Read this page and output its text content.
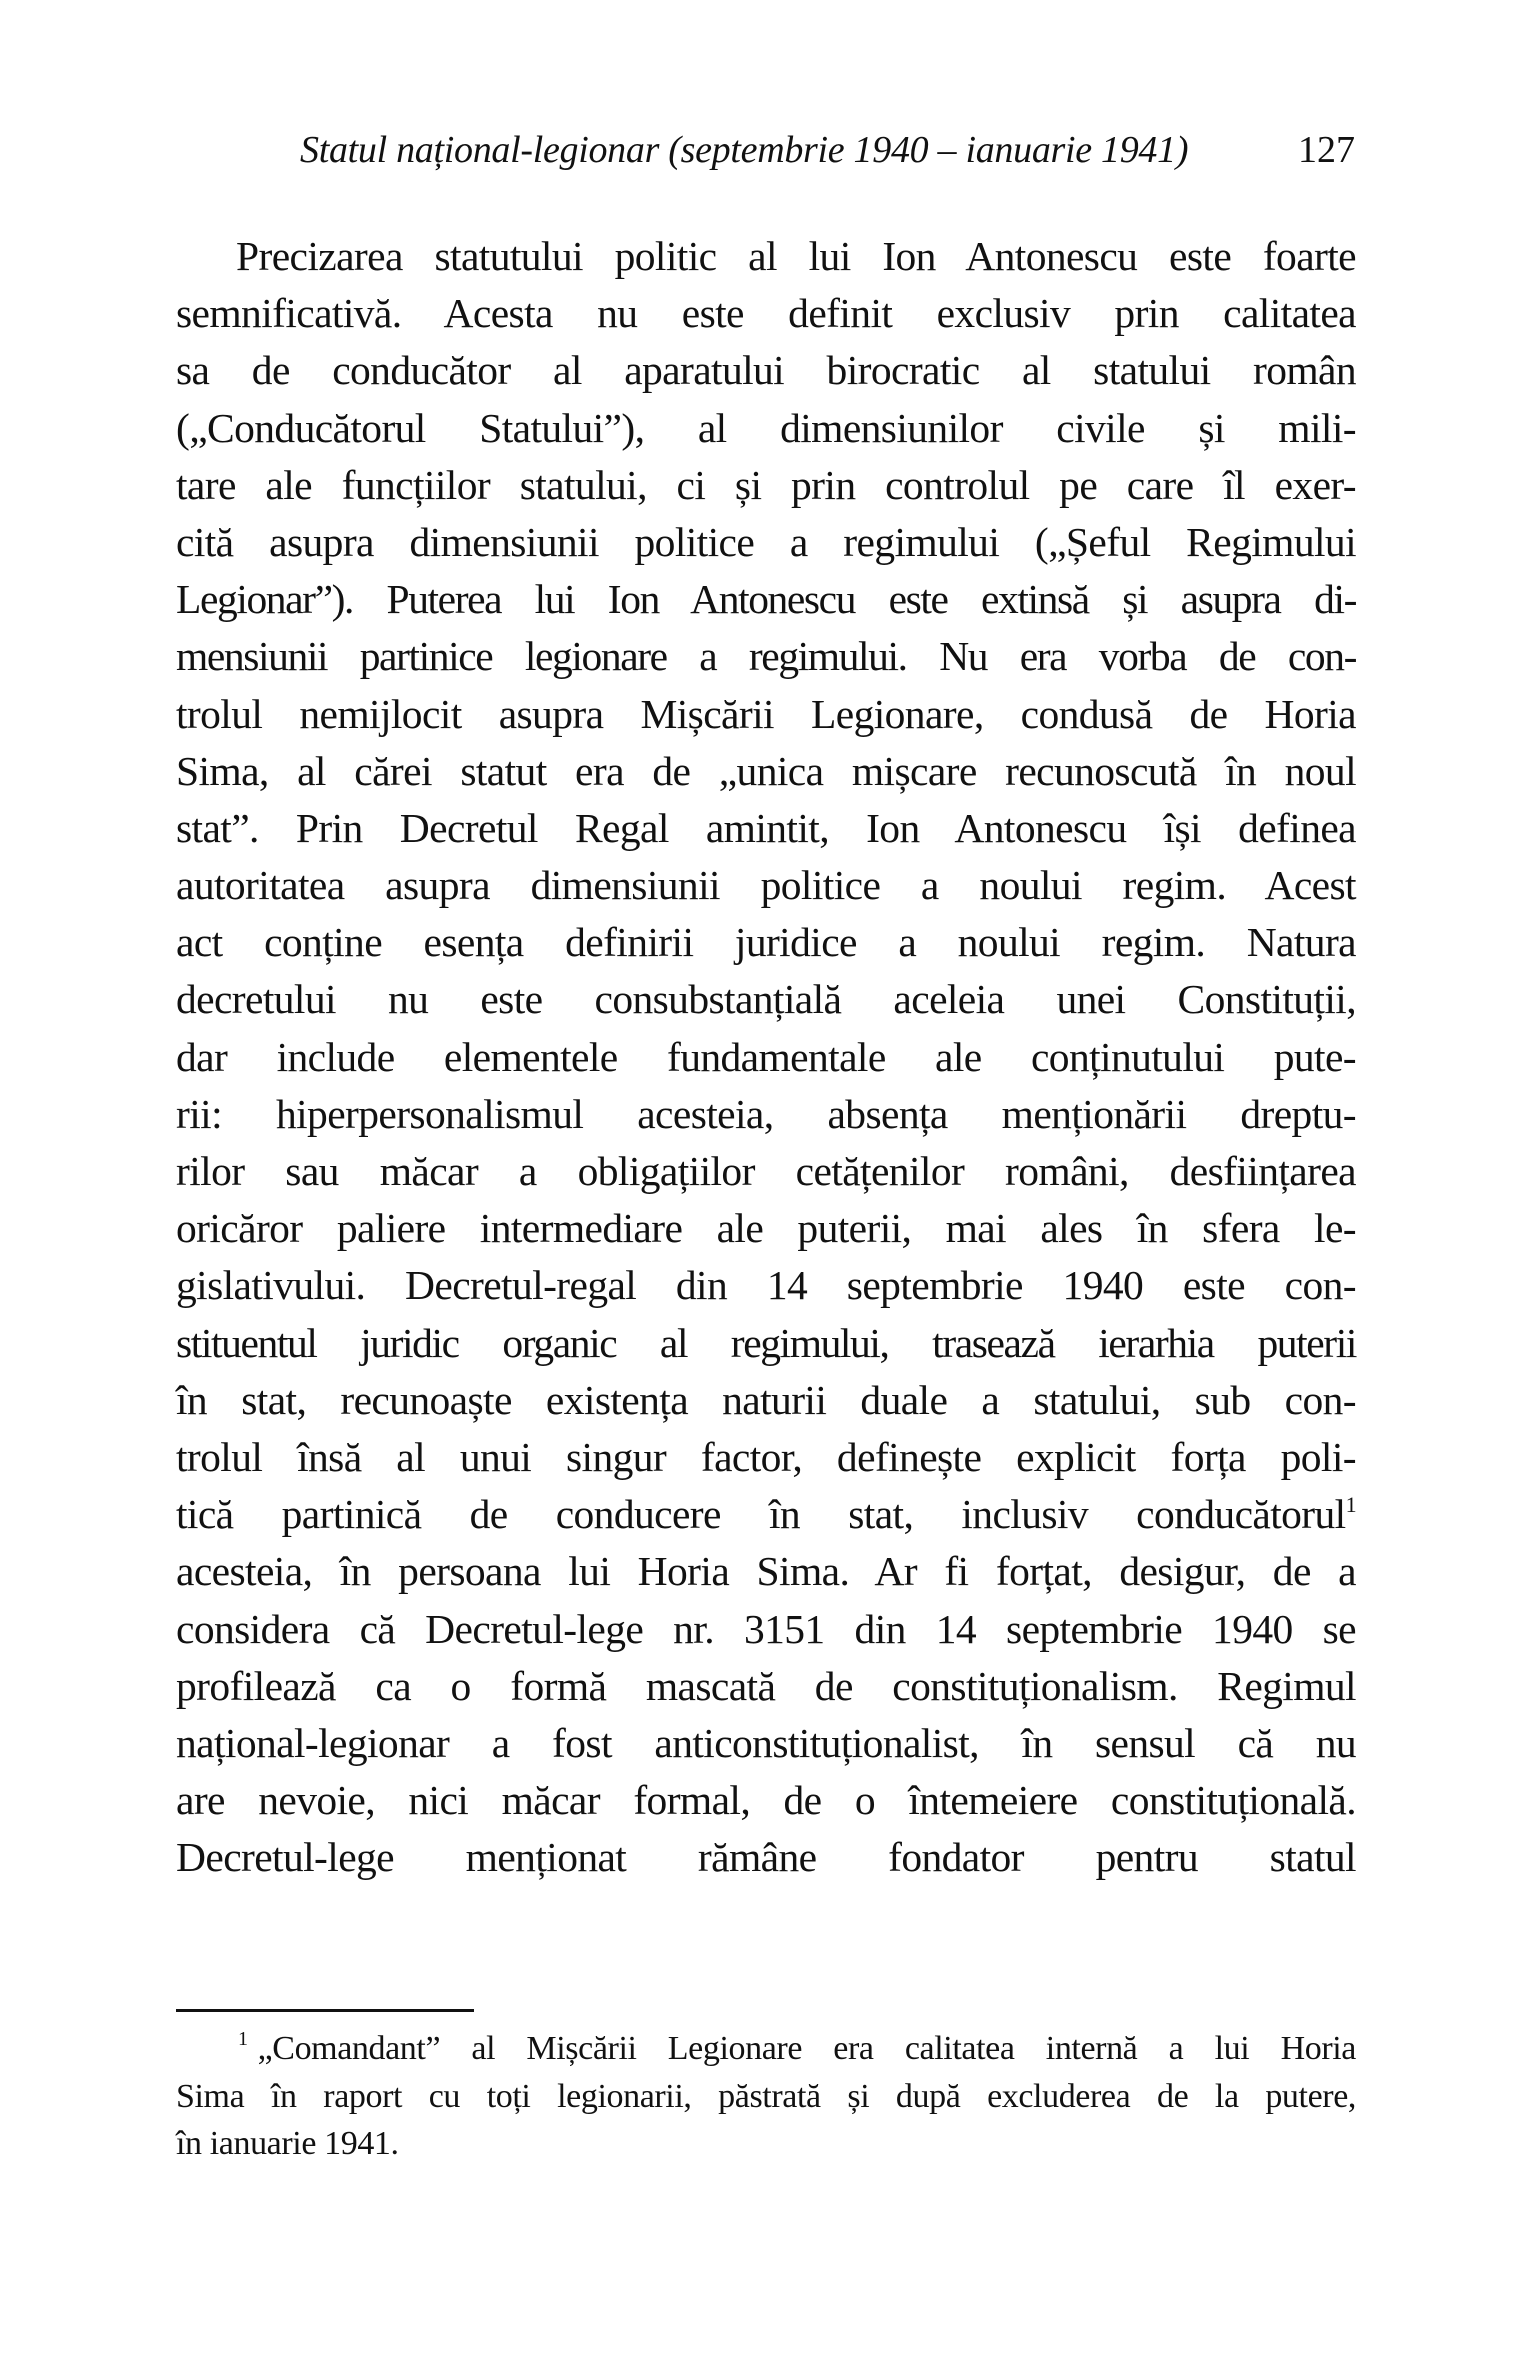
Statul național-legionar (septembrie 1940 – ianuarie 1941)	127
Precizarea statutului politic al lui Ion Antonescu este foarte
semnificativă. Acesta nu este definit exclusiv prin calitatea
sa de conducător al aparatului birocratic al statului român
(„Conducătorul Statului”), al dimensiunilor civile și mili-
tare ale funcțiilor statului, ci și prin controlul pe care îl exer-
cită asupra dimensiunii politice a regimului („Șeful Regimului
Legionar”). Puterea lui Ion Antonescu este extinsă și asupra di-
mensiunii partinice legionare a regimului. Nu era vorba de con-
trolul nemijlocit asupra Mișcării Legionare, condusă de Horia
Sima, al cărei statut era de „unica mișcare recunoscută în noul
stat”. Prin Decretul Regal amintit, Ion Antonescu își definea
autoritatea asupra dimensiunii politice a noului regim. Acest
act conține esența definirii juridice a noului regim. Natura
decretului nu este consubstanțială aceleia unei Constituții,
dar include elementele fundamentale ale conținutului pute-
rii: hiperpersonalismul acesteia, absența menționării dreptu-
rilor sau măcar a obligațiilor cetățenilor români, desființarea
oricăror paliere intermediare ale puterii, mai ales în sfera le-
gislativului. Decretul-regal din 14 septembrie 1940 este con-
stituentul juridic organic al regimului, trasează ierarhia puterii
în stat, recunoaște existența naturii duale a statului, sub con-
trolul însă al unui singur factor, definește explicit forța poli-
tică partinică de conducere în stat, inclusiv conducătorul$^1$
acesteia, în persoana lui Horia Sima. Ar fi forțat, desigur, de a
considera că Decretul-lege nr. 3151 din 14 septembrie 1940 se
profilează ca o formă mascată de constituționalism. Regimul
național-legionar a fost anticonstituționalist, în sensul că nu
are nevoie, nici măcar formal, de o întemeiere constituțională.
Decretul-lege menționat rămâne fondator pentru statul
$^1$ „Comandant” al Mișcării Legionare era calitatea internă a lui Horia
Sima în raport cu toți legionarii, păstrată și după excluderea de la putere,
în ianuarie 1941.
